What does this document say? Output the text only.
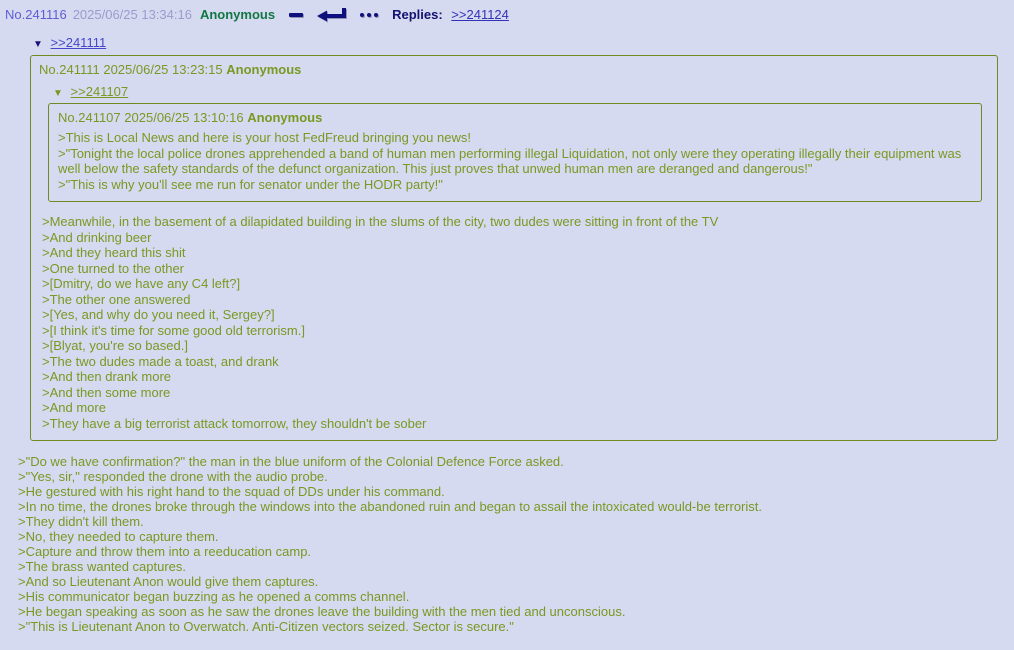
No.241116 2025/06/25 13:34:16 Anonymous	Replies: >>241124
▼ >>241111
No.241111 2025/06/25 13:23:15 Anonymous
▼ >>241107
No.241107 2025/06/25 13:10:16 Anonymous
>This is Local News and here is your host FedFreud bringing you news!
>"Tonight the local police drones apprehended a band of human men performing illegal Liquidation, not only were they operating illegally their equipment was well below the safety standards of the defunct organization. This just proves that unwed human men are deranged and dangerous!"
>"This is why you'll see me run for senator under the HODR party!"
>Meanwhile, in the basement of a dilapidated building in the slums of the city, two dudes were sitting in front of the TV
>And drinking beer
>And they heard this shit
>One turned to the other
>[Dmitry, do we have any C4 left?]
>The other one answered
>[Yes, and why do you need it, Sergey?]
>[I think it's time for some good old terrorism.]
>[Blyat, you're so based.]
>The two dudes made a toast, and drank
>And then drank more
>And then some more
>And more
>They have a big terrorist attack tomorrow, they shouldn't be sober
>"Do we have confirmation?" the man in the blue uniform of the Colonial Defence Force asked.
>"Yes, sir," responded the drone with the audio probe.
>He gestured with his right hand to the squad of DDs under his command.
>In no time, the drones broke through the windows into the abandoned ruin and began to assail the intoxicated would-be terrorist.
>They didn't kill them.
>No, they needed to capture them.
>Capture and throw them into a reeducation camp.
>The brass wanted captures.
>And so Lieutenant Anon would give them captures.
>His communicator began buzzing as he opened a comms channel.
>He began speaking as soon as he saw the drones leave the building with the men tied and unconscious.
>"This is Lieutenant Anon to Overwatch. Anti-Citizen vectors seized. Sector is secure."
